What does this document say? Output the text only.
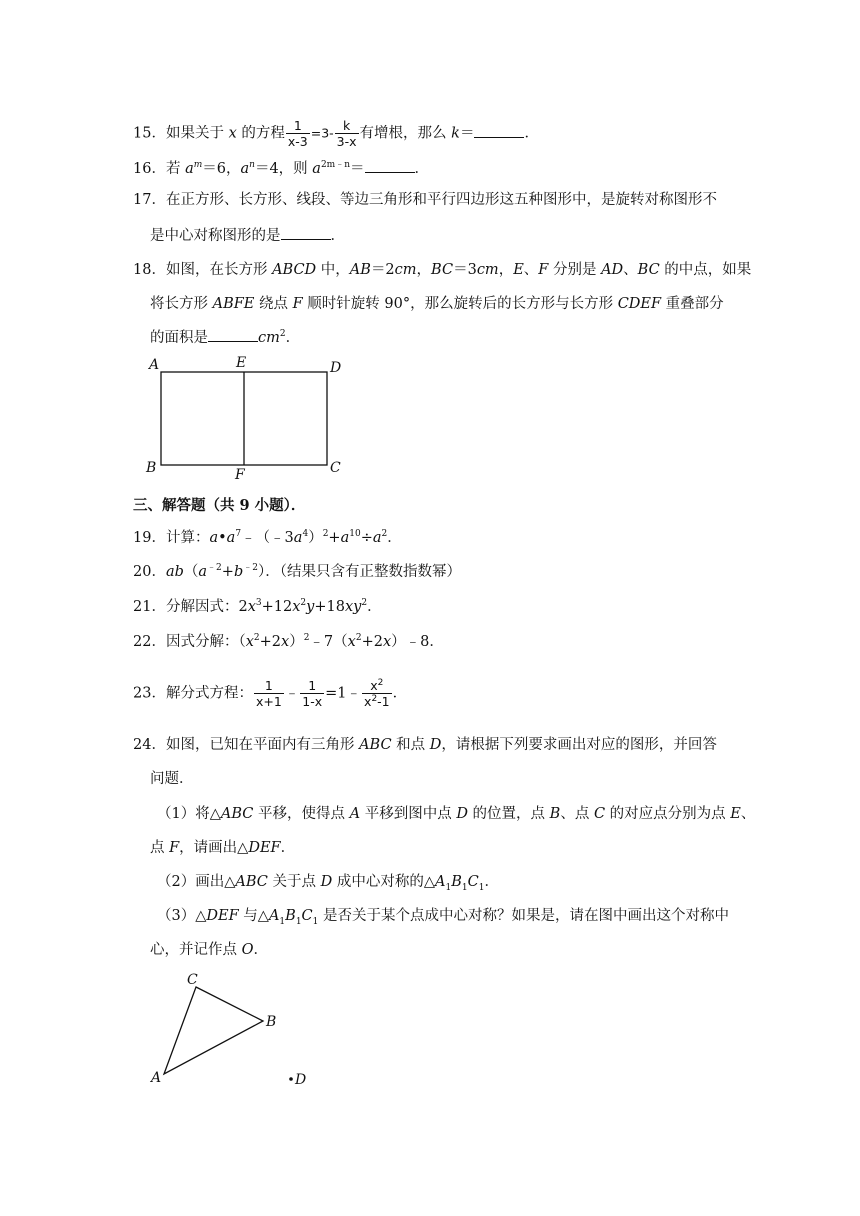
15．如果关于 x 的方程 $\frac{1}{x-3} =3- \frac{k}{3-x}$ 有增根，那么 k＝	．
16．若 $a^m=6$，$a^n=4$，则 $a^{2m﹣n}=$	．
17．在正方形、长方形、线段、等边三角形和平行四边形这五种图形中，是旋转对称图形不
是中心对称图形的是	．
18．如图，在长方形 ABCD 中，AB＝2cm，BC＝3cm，E、F 分别是 AD、BC 的中点，如果
将长方形 ABFE 绕点 F 顺时针旋转 90°，那么旋转后的长方形与长方形 CDEF 重叠部分
的面积是	$cm^2$．
A	E	D
B	F	C
三、解答题（共 9 小题）．
19．计算：$a•a^7﹣(﹣3a^4)^2+a^{10}\div a^2$．
20．$ab(a^{﹣2}+b^{﹣2})$．（结果只含有正整数指数幂）
21．分解因式：$2x^3+12x^2y+18xy^2$．
22．因式分解：$(x^2+2x)^2﹣7(x^2+2x)﹣8$．
23．解分式方程： $\frac{1}{x+1}$ ﹣ $\frac{1}{1-x}$ =1﹣ $\frac{x^2}{x^2-1}$ ．
24．如图，已知在平面内有三角形 ABC 和点 D，请根据下列要求画出对应的图形，并回答
问题．
（1）将△ABC 平移，使得点 A 平移到图中点 D 的位置，点 B、点 C 的对应点分别为点 E、
点 F，请画出△DEF．
（2）画出△ABC 关于点 D 成中心对称的$\triangle A_1B_1C_1$．
（3）△DEF 与$\triangle A_1B_1C_1$ 是否关于某个点成中心对称？如果是，请在图中画出这个对称中
心，并记作点 O．
C
B
A	D
